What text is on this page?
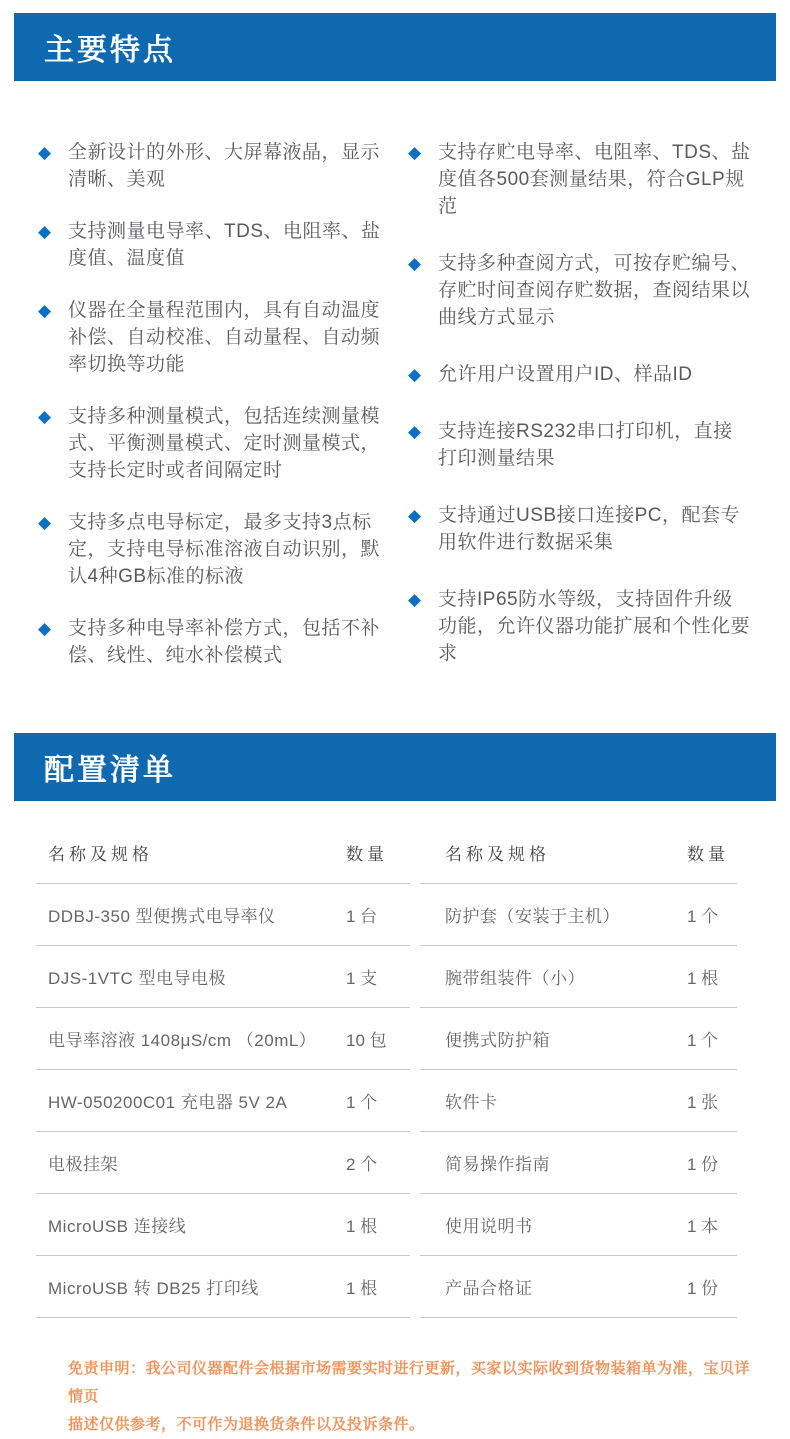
主要特点
◆ 全新设计的外形、大屏幕液晶，显示清晰、美观
◆ 支持测量电导率、TDS、电阻率、盐度值、温度值
◆ 仪器在全量程范围内，具有自动温度补偿、自动校准、自动量程、自动频率切换等功能
◆ 支持多种测量模式，包括连续测量模式、平衡测量模式、定时测量模式，支持长定时或者间隔定时
◆ 支持多点电导标定，最多支持3点标定，支持电导标准溶液自动识别，默认4种GB标准的标液
◆ 支持多种电导率补偿方式，包括不补偿、线性、纯水补偿模式
◆ 支持存贮电导率、电阻率、TDS、盐度值各500套测量结果，符合GLP规范
◆ 支持多种查阅方式，可按存贮编号、存贮时间查阅存贮数据，查阅结果以曲线方式显示
◆ 允许用户设置用户ID、样品ID
◆ 支持连接RS232串口打印机，直接打印测量结果
◆ 支持通过USB接口连接PC，配套专用软件进行数据采集
◆ 支持IP65防水等级，支持固件升级功能，允许仪器功能扩展和个性化要求
配置清单
名称及规格	数量
DDBJ-350 型便携式电导率仪	1 台
DJS-1VTC 型电导电极	1 支
电导率溶液 1408μS/cm （20mL）	10 包
HW-050200C01 充电器 5V 2A	1 个
电极挂架	2 个
MicroUSB 连接线	1 根
MicroUSB 转 DB25 打印线	1 根
名称及规格	数量
防护套（安装于主机）	1 个
腕带组装件（小）	1 根
便携式防护箱	1 个
软件卡	1 张
简易操作指南	1 份
使用说明书	1 本
产品合格证	1 份
免责申明：我公司仪器配件会根据市场需要实时进行更新，买家以实际收到货物装箱单为准，宝贝详情页
描述仅供参考，不可作为退换货条件以及投诉条件。
